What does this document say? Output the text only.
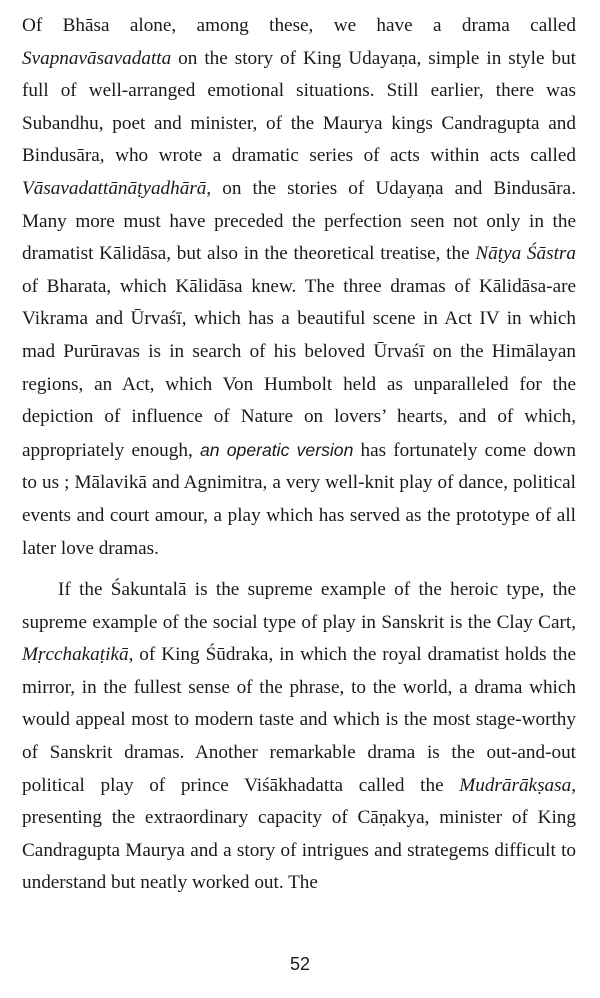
Of Bhāsa alone, among these, we have a drama called Svapnavāsavadatta on the story of King Udayaṇa, simple in style but full of well-arranged emotional situations. Still earlier, there was Subandhu, poet and minister, of the Maurya kings Candragupta and Bindusāra, who wrote a dramatic series of acts within acts called Vāsavadattānāṭyadhārā, on the stories of Udayaṇa and Bindusāra. Many more must have preceded the perfection seen not only in the dramatist Kālidāsa, but also in the theoretical treatise, the Nāṭya Śāstra of Bharata, which Kālidāsa knew. The three dramas of Kālidāsa-are Vikrama and Ūrvaśī, which has a beautiful scene in Act IV in which mad Purūravas is in search of his beloved Ūrvaśī on the Himālayan regions, an Act, which Von Humbolt held as unparalleled for the depiction of influence of Nature on lovers’ hearts, and of which, appropriately enough, an operatic version has fortunately come down to us ; Mālavikā and Agnimitra, a very well-knit play of dance, political events and court amour, a play which has served as the prototype of all later love dramas.

If the Śakuntalā is the supreme example of the heroic type, the supreme example of the social type of play in Sanskrit is the Clay Cart, Mṛcchakaṭikā, of King Śūdraka, in which the royal dramatist holds the mirror, in the fullest sense of the phrase, to the world, a drama which would appeal most to modern taste and which is the most stage-worthy of Sanskrit dramas. Another remarkable drama is the out-and-out political play of prince Viśākhadatta called the Mudrārākṣasa, presenting the extraordinary capacity of Cāṇakya, minister of King Candragupta Maurya and a story of intrigues and strategems difficult to understand but neatly worked out. The

52
